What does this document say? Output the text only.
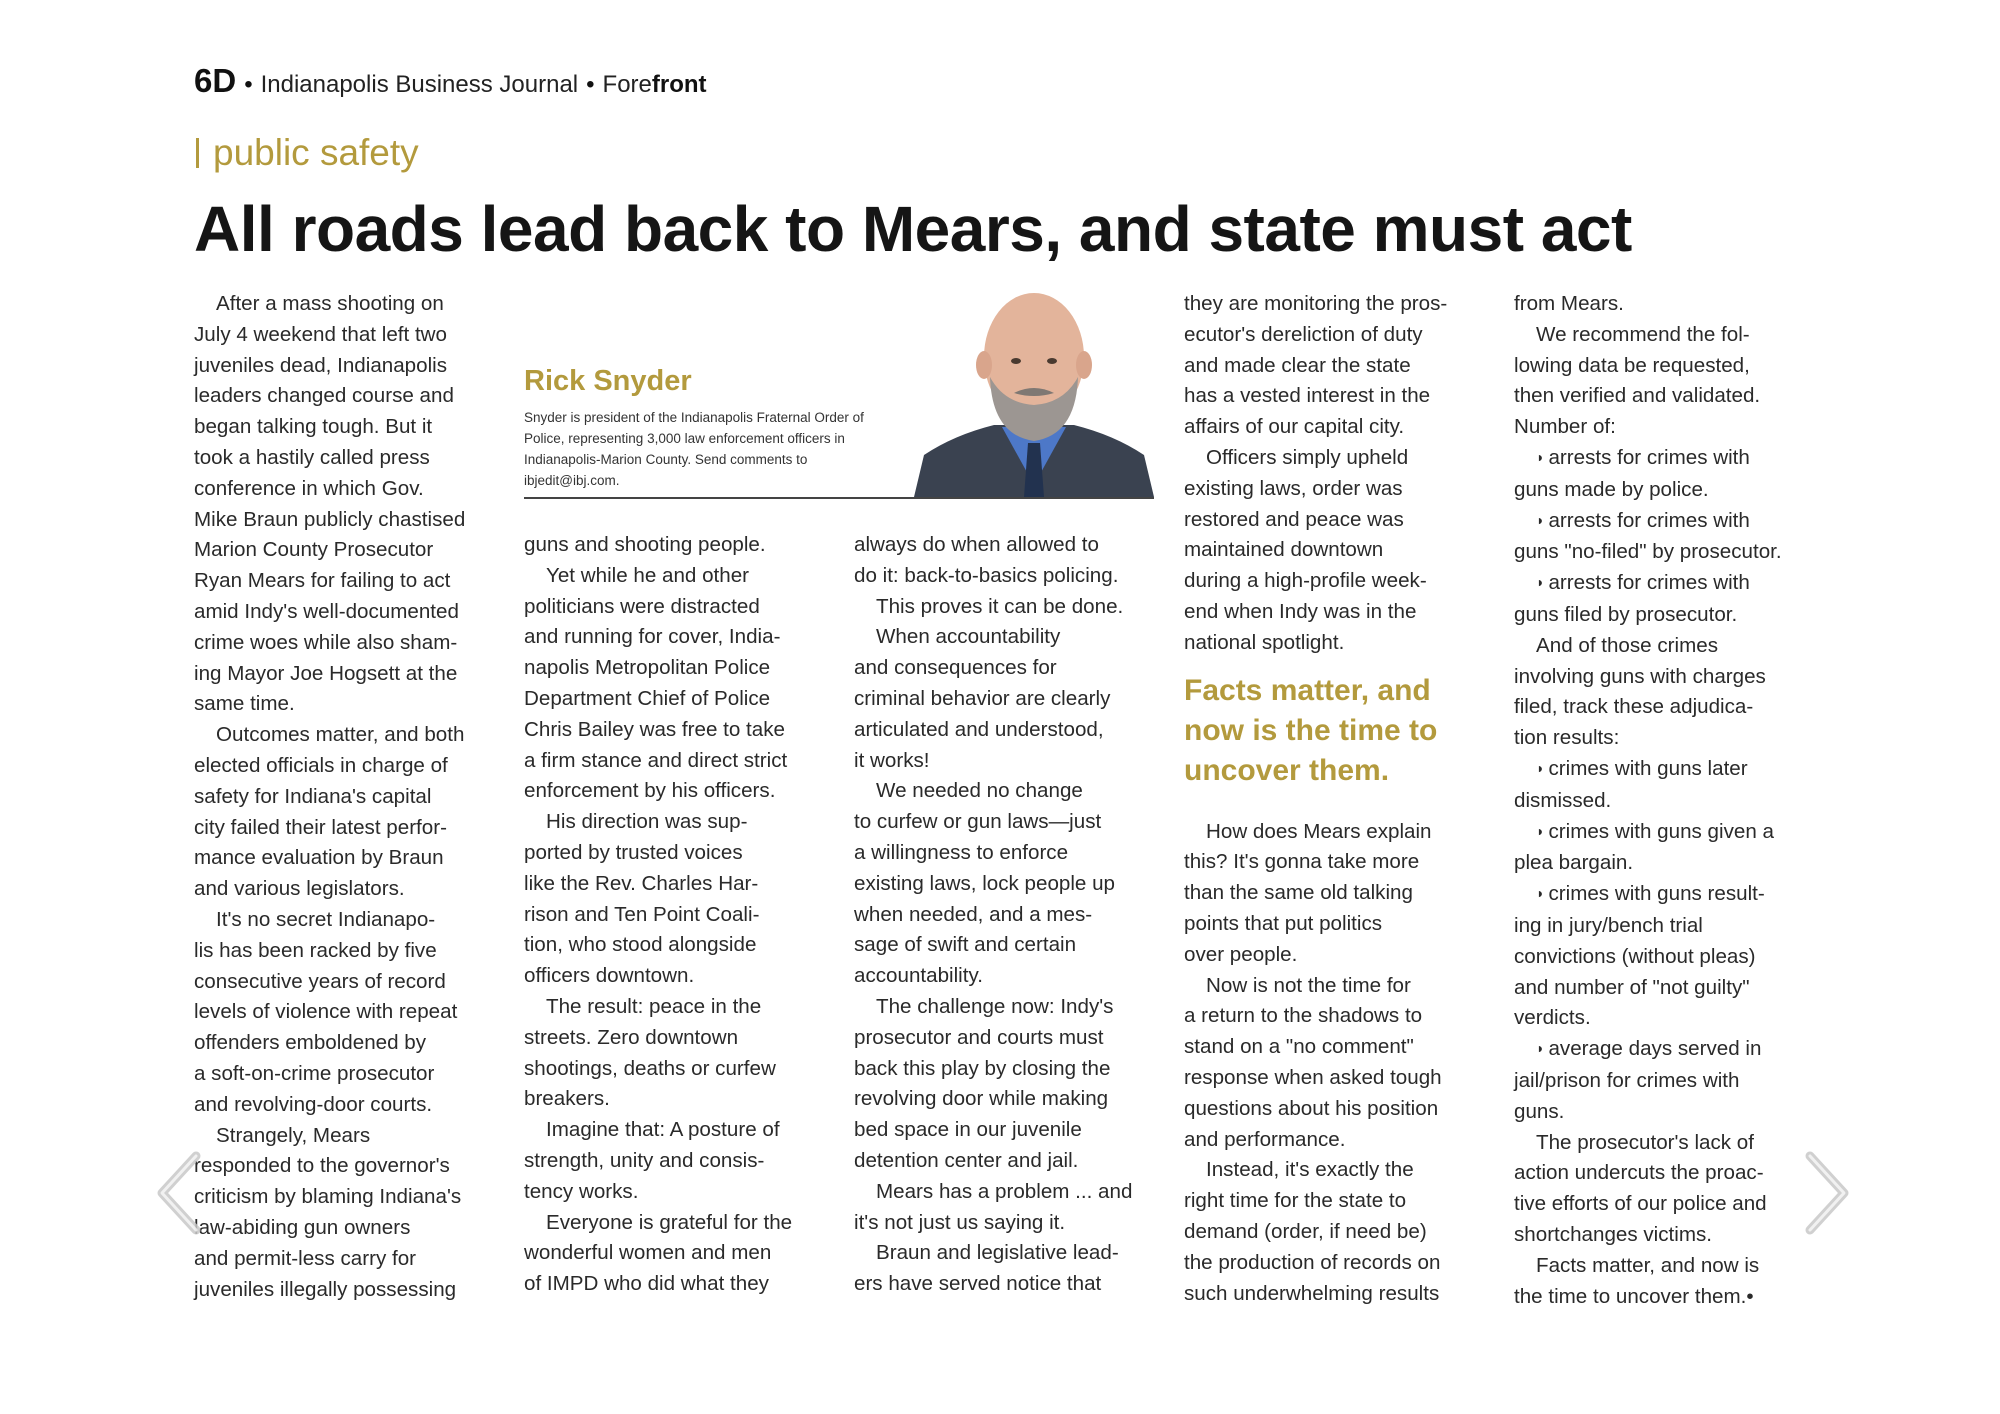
6D • Indianapolis Business Journal • Fore front
public safety
All roads lead back to Mears, and state must act
Rick Snyder
Snyder is president of the Indianapolis Fraternal Order of
Police, representing 3,000 law enforcement officers in
Indianapolis-Marion County. Send comments to
ibjedit@ibj.com.

After a mass shooting on
July 4 weekend that left two
juveniles dead, Indianapolis
leaders changed course and
began talking tough. But it
took a hastily called press
conference in which Gov.
Mike Braun publicly chastised
Marion County Prosecutor
Ryan Mears for failing to act
amid Indy's well-documented
crime woes while also sham-
ing Mayor Joe Hogsett at the
same time.

Outcomes matter, and both
elected officials in charge of
safety for Indiana's capital
city failed their latest perfor-
mance evaluation by Braun
and various legislators.

It's no secret Indianapo-
lis has been racked by five
consecutive years of record
levels of violence with repeat
offenders emboldened by
a soft-on-crime prosecutor
and revolving-door courts.

Strangely, Mears
responded to the governor's
criticism by blaming Indiana's
law-abiding gun owners
and permit-less carry for
juveniles illegally possessing

guns and shooting people.

Yet while he and other
politicians were distracted
and running for cover, India-
napolis Metropolitan Police
Department Chief of Police
Chris Bailey was free to take
a firm stance and direct strict
enforcement by his officers.

His direction was sup-
ported by trusted voices
like the Rev. Charles Har-
rison and Ten Point Coali-
tion, who stood alongside
officers downtown.

The result: peace in the
streets. Zero downtown
shootings, deaths or curfew
breakers.

Imagine that: A posture of
strength, unity and consis-
tency works.

Everyone is grateful for the
wonderful women and men
of IMPD who did what they

always do when allowed to
do it: back-to-basics policing.

This proves it can be done.

When accountability
and consequences for
criminal behavior are clearly
articulated and understood,
it works!

We needed no change
to curfew or gun laws—just
a willingness to enforce
existing laws, lock people up
when needed, and a mes-
sage of swift and certain
accountability.

The challenge now: Indy's
prosecutor and courts must
back this play by closing the
revolving door while making
bed space in our juvenile
detention center and jail.

Mears has a problem ... and
it's not just us saying it.

Braun and legislative lead-
ers have served notice that

they are monitoring the pros-
ecutor's dereliction of duty
and made clear the state
has a vested interest in the
affairs of our capital city.

Officers simply upheld
existing laws, order was
restored and peace was
maintained downtown
during a high-profile week-
end when Indy was in the
national spotlight.

Facts matter, and
now is the time to
uncover them.

How does Mears explain
this? It's gonna take more
than the same old talking
points that put politics
over people.

Now is not the time for
a return to the shadows to
stand on a "no comment"
response when asked tough
questions about his position
and performance.

Instead, it's exactly the
right time for the state to
demand (order, if need be)
the production of records on
such underwhelming results

from Mears.

We recommend the fol-
lowing data be requested,
then verified and validated.

Number of:

◗ arrests for crimes with
guns made by police.

◗ arrests for crimes with
guns "no-filed" by prosecutor.

◗ arrests for crimes with
guns filed by prosecutor.

And of those crimes
involving guns with charges
filed, track these adjudica-
tion results:

◗ crimes with guns later
dismissed.

◗ crimes with guns given a
plea bargain.

◗ crimes with guns result-
ing in jury/bench trial
convictions (without pleas)
and number of "not guilty"
verdicts.

◗ average days served in
jail/prison for crimes with
guns.

The prosecutor's lack of
action undercuts the proac-
tive efforts of our police and
shortchanges victims.

Facts matter, and now is
the time to uncover them.•
